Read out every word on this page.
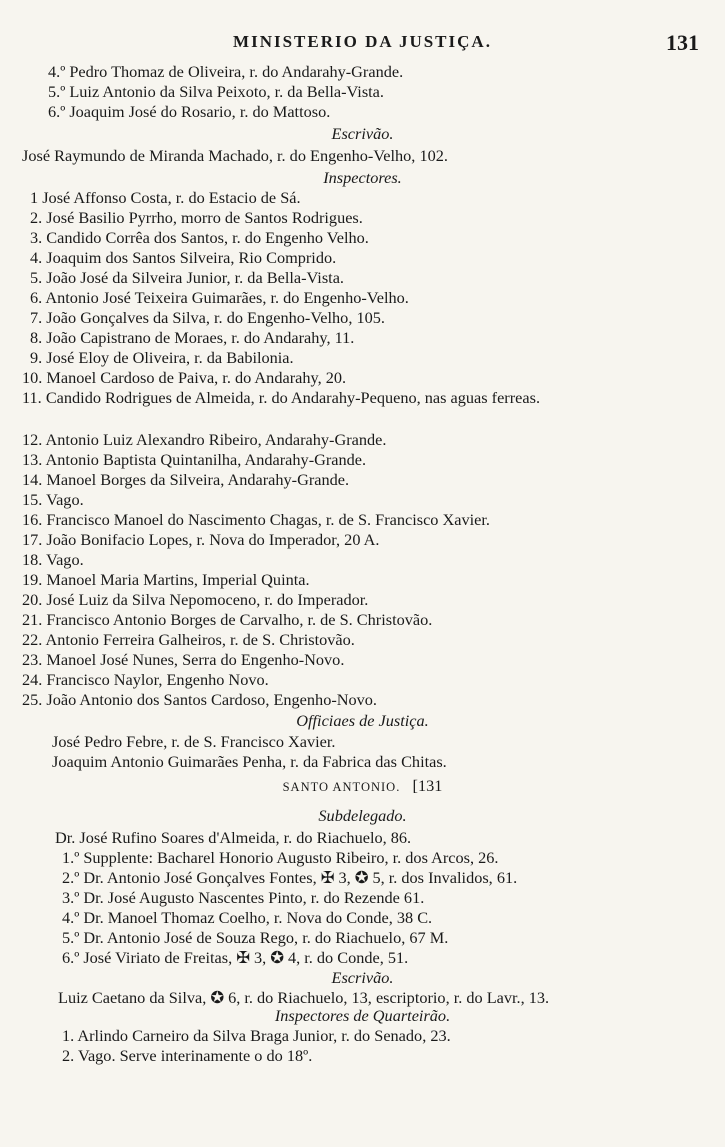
MINISTERIO DA JUSTIÇA.	131
4.º Pedro Thomaz de Oliveira, r. do Andarahy-Grande.
5.º Luiz Antonio da Silva Peixoto, r. da Bella-Vista.
6.º Joaquim José do Rosario, r. do Mattoso.
Escrivão.
José Raymundo de Miranda Machado, r. do Engenho-Velho, 102.
Inspectores.
1 José Affonso Costa, r. do Estacio de Sá.
2. José Basilio Pyrrho, morro de Santos Rodrigues.
3. Candido Corrêa dos Santos, r. do Engenho Velho.
4. Joaquim dos Santos Silveira, Rio Comprido.
5. João José da Silveira Junior, r. da Bella-Vista.
6. Antonio José Teixeira Guimarães, r. do Engenho-Velho.
7. João Gonçalves da Silva, r. do Engenho-Velho, 105.
8. João Capistrano de Moraes, r. do Andarahy, 11.
9. José Eloy de Oliveira, r. da Babilonia.
10. Manoel Cardoso de Paiva, r. do Andarahy, 20.
11. Candido Rodrigues de Almeida, r. do Andarahy-Pequeno, nas aguas ferreas.
12. Antonio Luiz Alexandro Ribeiro, Andarahy-Grande.
13. Antonio Baptista Quintanilha, Andarahy-Grande.
14. Manoel Borges da Silveira, Andarahy-Grande.
15. Vago.
16. Francisco Manoel do Nascimento Chagas, r. de S. Francisco Xavier.
17. João Bonifacio Lopes, r. Nova do Imperador, 20 A.
18. Vago.
19. Manoel Maria Martins, Imperial Quinta.
20. José Luiz da Silva Nepomoceno, r. do Imperador.
21. Francisco Antonio Borges de Carvalho, r. de S. Christovão.
22. Antonio Ferreira Galheiros, r. de S. Christovão.
23. Manoel José Nunes, Serra do Engenho-Novo.
24. Francisco Naylor, Engenho Novo.
25. João Antonio dos Santos Cardoso, Engenho-Novo.
Officiaes de Justiça.
José Pedro Febre, r. de S. Francisco Xavier.
Joaquim Antonio Guimarães Penha, r. da Fabrica das Chitas.
SANTO ANTONIO. [131
Subdelegado.
Dr. José Rufino Soares d'Almeida, r. do Riachuelo, 86.
1.º Supplente: Bacharel Honorio Augusto Ribeiro, r. dos Arcos, 26.
2.º Dr. Antonio José Gonçalves Fontes, ✠ 3, ✪ 5, r. dos Invalidos, 61.
3.º Dr. José Augusto Nascentes Pinto, r. do Rezende 61.
4.º Dr. Manoel Thomaz Coelho, r. Nova do Conde, 38 C.
5.º Dr. Antonio José de Souza Rego, r. do Riachuelo, 67 M.
6.º José Viriato de Freitas, ✠ 3, ✪ 4, r. do Conde, 51.
Escrivão.
Luiz Caetano da Silva, ✪ 6, r. do Riachuelo, 13, escriptorio, r. do Lavr., 13.
Inspectores de Quarteirão.
1. Arlindo Carneiro da Silva Braga Junior, r. do Senado, 23.
2. Vago. Serve interinamente o do 18º.
